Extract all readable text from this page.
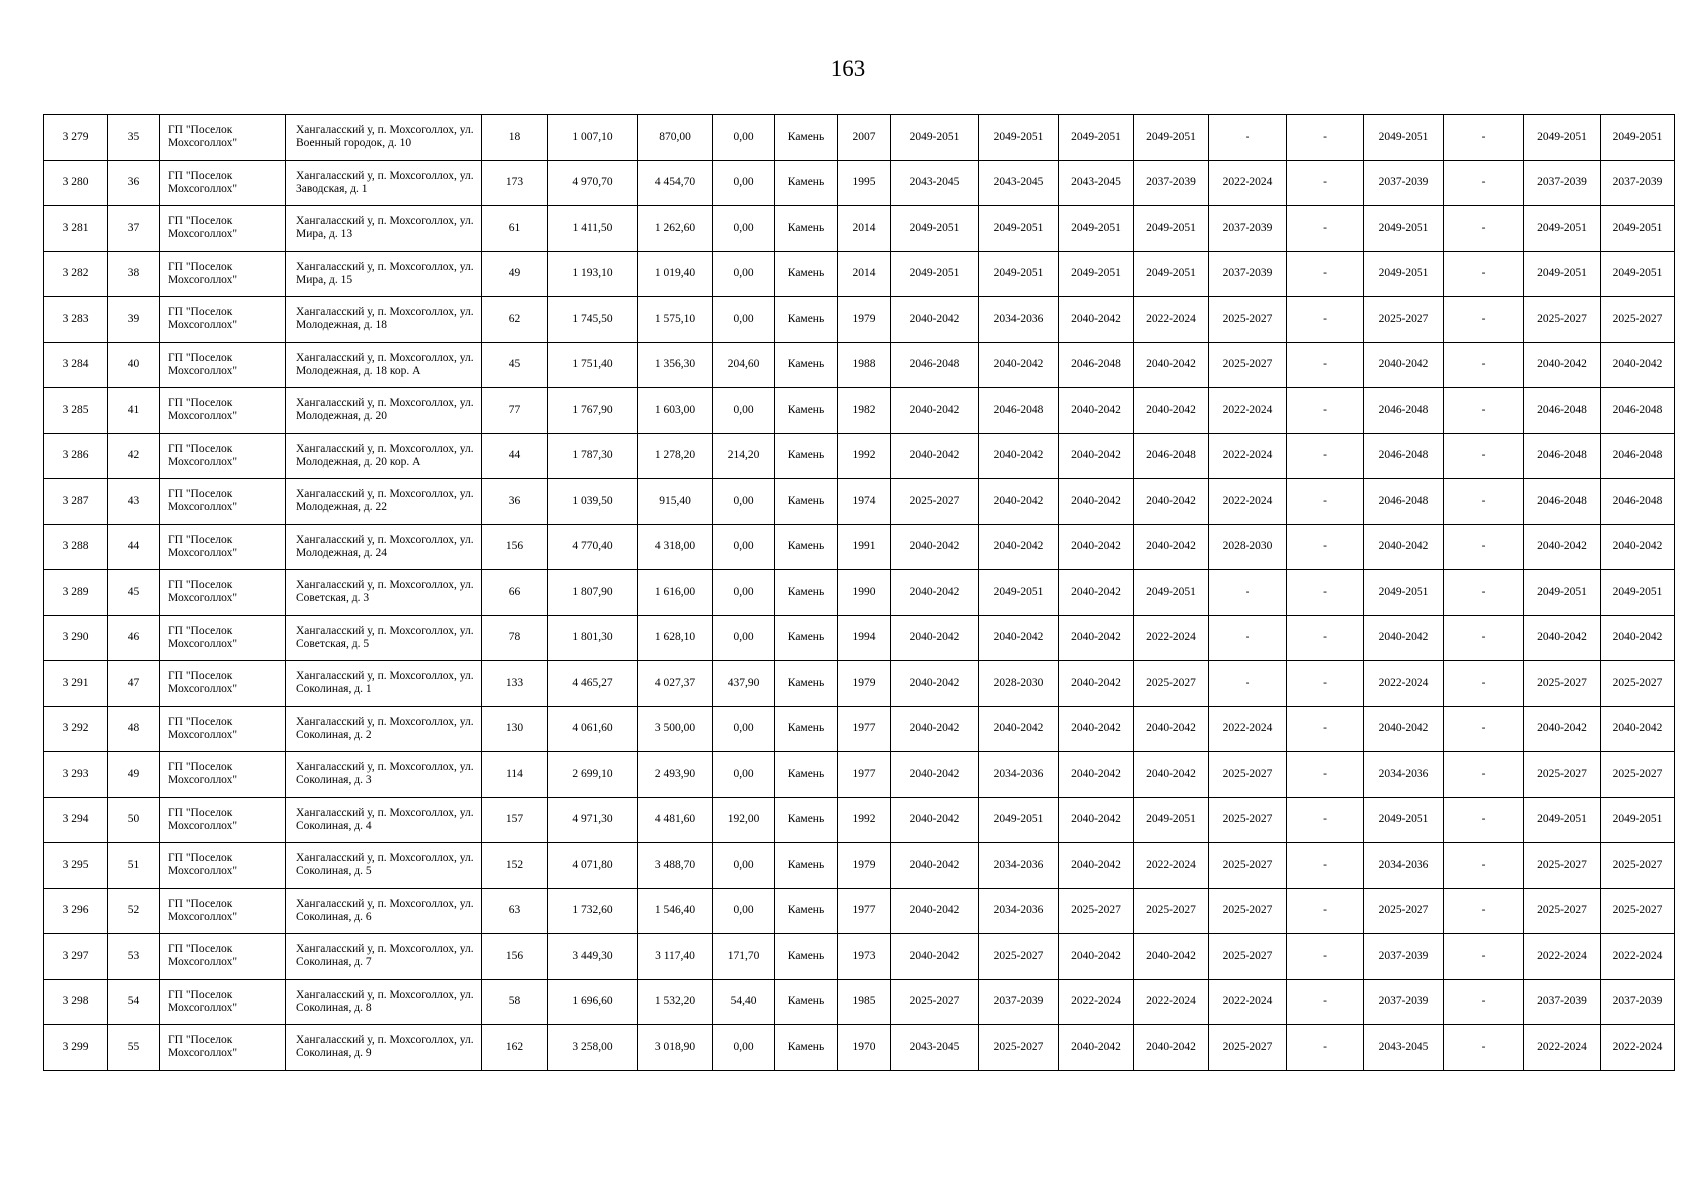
163
3 279	35	ГП "Поселок Мохсоголлох"	Хангаласский у, п. Мохсоголлох, ул. Военный городок, д. 10	18	1 007,10	870,00	0,00	Камень	2007	2049-2051	2049-2051	2049-2051	2049-2051	-	-	2049-2051	-	2049-2051	2049-2051
3 280	36	ГП "Поселок Мохсоголлох"	Хангаласский у, п. Мохсоголлох, ул. Заводская, д. 1	173	4 970,70	4 454,70	0,00	Камень	1995	2043-2045	2043-2045	2043-2045	2037-2039	2022-2024	-	2037-2039	-	2037-2039	2037-2039
3 281	37	ГП "Поселок Мохсоголлох"	Хангаласский у, п. Мохсоголлох, ул. Мира, д. 13	61	1 411,50	1 262,60	0,00	Камень	2014	2049-2051	2049-2051	2049-2051	2049-2051	2037-2039	-	2049-2051	-	2049-2051	2049-2051
3 282	38	ГП "Поселок Мохсоголлох"	Хангаласский у, п. Мохсоголлох, ул. Мира, д. 15	49	1 193,10	1 019,40	0,00	Камень	2014	2049-2051	2049-2051	2049-2051	2049-2051	2037-2039	-	2049-2051	-	2049-2051	2049-2051
3 283	39	ГП "Поселок Мохсоголлох"	Хангаласский у, п. Мохсоголлох, ул. Молодежная, д. 18	62	1 745,50	1 575,10	0,00	Камень	1979	2040-2042	2034-2036	2040-2042	2022-2024	2025-2027	-	2025-2027	-	2025-2027	2025-2027
3 284	40	ГП "Поселок Мохсоголлох"	Хангаласский у, п. Мохсоголлох, ул. Молодежная, д. 18 кор. А	45	1 751,40	1 356,30	204,60	Камень	1988	2046-2048	2040-2042	2046-2048	2040-2042	2025-2027	-	2040-2042	-	2040-2042	2040-2042
3 285	41	ГП "Поселок Мохсоголлох"	Хангаласский у, п. Мохсоголлох, ул. Молодежная, д. 20	77	1 767,90	1 603,00	0,00	Камень	1982	2040-2042	2046-2048	2040-2042	2040-2042	2022-2024	-	2046-2048	-	2046-2048	2046-2048
3 286	42	ГП "Поселок Мохсоголлох"	Хангаласский у, п. Мохсоголлох, ул. Молодежная, д. 20 кор. А	44	1 787,30	1 278,20	214,20	Камень	1992	2040-2042	2040-2042	2040-2042	2046-2048	2022-2024	-	2046-2048	-	2046-2048	2046-2048
3 287	43	ГП "Поселок Мохсоголлох"	Хангаласский у, п. Мохсоголлох, ул. Молодежная, д. 22	36	1 039,50	915,40	0,00	Камень	1974	2025-2027	2040-2042	2040-2042	2040-2042	2022-2024	-	2046-2048	-	2046-2048	2046-2048
3 288	44	ГП "Поселок Мохсоголлох"	Хангаласский у, п. Мохсоголлох, ул. Молодежная, д. 24	156	4 770,40	4 318,00	0,00	Камень	1991	2040-2042	2040-2042	2040-2042	2040-2042	2028-2030	-	2040-2042	-	2040-2042	2040-2042
3 289	45	ГП "Поселок Мохсоголлох"	Хангаласский у, п. Мохсоголлох, ул. Советская, д. 3	66	1 807,90	1 616,00	0,00	Камень	1990	2040-2042	2049-2051	2040-2042	2049-2051	-	-	2049-2051	-	2049-2051	2049-2051
3 290	46	ГП "Поселок Мохсоголлох"	Хангаласский у, п. Мохсоголлох, ул. Советская, д. 5	78	1 801,30	1 628,10	0,00	Камень	1994	2040-2042	2040-2042	2040-2042	2022-2024	-	-	2040-2042	-	2040-2042	2040-2042
3 291	47	ГП "Поселок Мохсоголлох"	Хангаласский у, п. Мохсоголлох, ул. Соколиная, д. 1	133	4 465,27	4 027,37	437,90	Камень	1979	2040-2042	2028-2030	2040-2042	2025-2027	-	-	2022-2024	-	2025-2027	2025-2027
3 292	48	ГП "Поселок Мохсоголлох"	Хангаласский у, п. Мохсоголлох, ул. Соколиная, д. 2	130	4 061,60	3 500,00	0,00	Камень	1977	2040-2042	2040-2042	2040-2042	2040-2042	2022-2024	-	2040-2042	-	2040-2042	2040-2042
3 293	49	ГП "Поселок Мохсоголлох"	Хангаласский у, п. Мохсоголлох, ул. Соколиная, д. 3	114	2 699,10	2 493,90	0,00	Камень	1977	2040-2042	2034-2036	2040-2042	2040-2042	2025-2027	-	2034-2036	-	2025-2027	2025-2027
3 294	50	ГП "Поселок Мохсоголлох"	Хангаласский у, п. Мохсоголлох, ул. Соколиная, д. 4	157	4 971,30	4 481,60	192,00	Камень	1992	2040-2042	2049-2051	2040-2042	2049-2051	2025-2027	-	2049-2051	-	2049-2051	2049-2051
3 295	51	ГП "Поселок Мохсоголлох"	Хангаласский у, п. Мохсоголлох, ул. Соколиная, д. 5	152	4 071,80	3 488,70	0,00	Камень	1979	2040-2042	2034-2036	2040-2042	2022-2024	2025-2027	-	2034-2036	-	2025-2027	2025-2027
3 296	52	ГП "Поселок Мохсоголлох"	Хангаласский у, п. Мохсоголлох, ул. Соколиная, д. 6	63	1 732,60	1 546,40	0,00	Камень	1977	2040-2042	2034-2036	2025-2027	2025-2027	2025-2027	-	2025-2027	-	2025-2027	2025-2027
3 297	53	ГП "Поселок Мохсоголлох"	Хангаласский у, п. Мохсоголлох, ул. Соколиная, д. 7	156	3 449,30	3 117,40	171,70	Камень	1973	2040-2042	2025-2027	2040-2042	2040-2042	2025-2027	-	2037-2039	-	2022-2024	2022-2024
3 298	54	ГП "Поселок Мохсоголлох"	Хангаласский у, п. Мохсоголлох, ул. Соколиная, д. 8	58	1 696,60	1 532,20	54,40	Камень	1985	2025-2027	2037-2039	2022-2024	2022-2024	2022-2024	-	2037-2039	-	2037-2039	2037-2039
3 299	55	ГП "Поселок Мохсоголлох"	Хангаласский у, п. Мохсоголлох, ул. Соколиная, д. 9	162	3 258,00	3 018,90	0,00	Камень	1970	2043-2045	2025-2027	2040-2042	2040-2042	2025-2027	-	2043-2045	-	2022-2024	2022-2024
